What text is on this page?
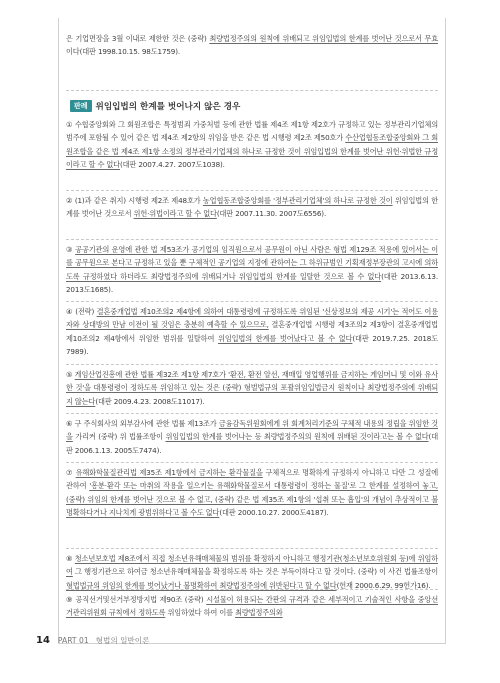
은 기업면장을 3월 이내로 제한한 것은 (중략) 최량법정주의의 원칙에 위배되고 위임입법의 한계를 벗어난 것으로서 무효이다(대판 1998.10.15. 98도1759).
판례 위임입법의 한계를 벗어나지 않은 경우
① 수협중앙회와 그 회원조합은 특정범죄 가중처벌 등에 관한 법률 제4조 제1항 제2호가 규정하고 있는 정부관리기업체의 범주에 포함될 수 있어 같은 법 제4조 제2항의 위임을 받은 같은 법 시행령 제2조 제50호가 수산업협동조합중앙회와 그 회원조합을 같은 법 제4조 제1항 소정의 정부관리기업체의 하나로 규정한 것이 위임입법의 한계를 벗어난 위헌·위법한 규정이라고 할 수 없다(대판 2007.4.27. 2007도1038).
② (1)과 같은 취지) 시행령 제2조 제48호가 농업협동조합중앙회를 '정부관리기업체'의 하나로 규정한 것이 위임입법의 한계를 벗어난 것으로서 위헌·위법이라고 할 수 없다(대판 2007.11.30. 2007도6556).
③ 공공기관의 운영에 관한 법 제53조가 공기업의 임직원으로서 공무원이 아닌 사람은 형법 제129조 적용에 있어서는 이를 공무원으로 본다고 규정하고 있을 뿐 구체적인 공기업의 지정에 관하여는 그 하위규범인 기획재정부장관의 고시에 의하도록 규정하였다 하더라도 최량법정주의에 위배되거나 위임입법의 한계를 일탈한 것으로 볼 수 없다(대판 2013.6.13. 2013도1685).
④ (전략) 결혼중개업법 제10조의2 제4항에 의하여 대통령령에 규정하도록 위임된 '신상정보의 제공 시기'는 적어도 이용자와 상대방의 만남 이전이 될 것임은 충분히 예측할 수 있으므로, 결혼중개업법 시행령 제3조의2 제3항이 결혼중개업법 제10조의2 제4항에서 위임한 범위를 일탈하여 위임입법의 한계를 벗어났다고 볼 수 없다(대판 2019.7.25. 2018도7989).
⑤ 게임산업진흥에 관한 법률 제32조 제1항 제7호가 '환전, 환전 알선, 재매입 영업행위를 금지하는 게임머니 및 이와 유사한 것'을 대통령령이 정하도록 위임하고 있는 것은 (중략) 형벌법규의 포괄위임입법금지 원칙이나 최량법정주의에 위배되지 않는다(대판 2009.4.23. 2008도11017).
⑥ 구 주식회사의 외부감사에 관한 법률 제13조가 금융감독위원회에게 위 회계처리기준의 구체적 내용의 정립을 위임한 것을 가리켜 (중략) 위 법률조항이 위임입법의 한계를 벗어나는 등 최량법정주의의 원칙에 위배된 것이라고는 볼 수 없다(대판 2006.1.13. 2005도7474).
⑦ 유해화학물질관리법 제35조 제1항에서 금지하는 환각물질을 구체적으로 명확하게 규정하지 아니하고 다만 그 성질에 관하여 '흥분·환각 또는 마취의 작용을 일으키는 유해화학물질로서 대통령령이 정하는 물질'로 그 한계를 설정하여 놓고, (중략) 위임의 한계를 벗어난 것으로 볼 수 없고, (중략) 같은 법 제35조 제1항의 '섭취 또는 흡입'의 개념이 추상적이고 불명확하다거나 지나치게 광범위하다고 볼 수도 없다(대판 2000.10.27. 2000도4187).
⑧ 청소년보호법 제8조에서 직접 청소년유해매체물의 범위를 확정하지 아니하고 행정기관(청소년보호위원회 등)에 위임하여 그 행정기관으로 하여금 청소년유해매체물을 확정하도록 하는 것은 부득이하다고 할 것이다. (중략) 이 사건 법률조항이 형법법규의 위임의 한계를 벗어났거나 불명확하여 최량법정주의에 위반된다고 할 수 없다(헌재 2000.6.29. 99헌가16).
⑨ 공직선거및선거부정방지법 제90조 (중략) 시설물이 허용되는 간판의 규격과 같은 세부적이고 기술적인 사항을 중앙선거관리위원회 규칙에서 정하도록 위임하였다 하여 이를 최량법정주의와
14 PART 01 형법의 일반이론
